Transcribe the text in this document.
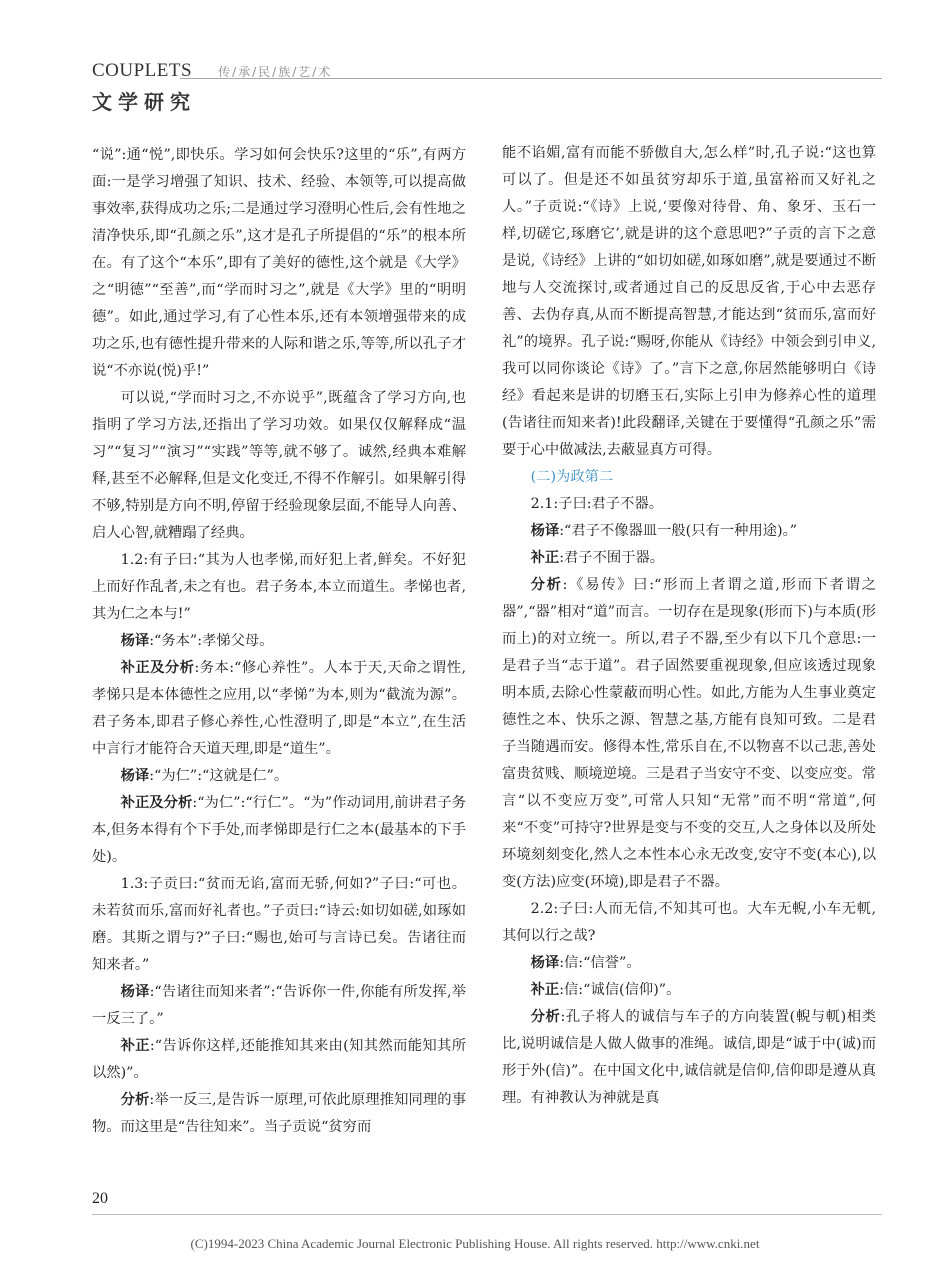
COUPLETS 传/承/民/族/艺/术
文学研究

“说”:通“悦”,即快乐。学习如何会快乐?这里的“乐”,有两方面:一是学习增强了知识、技术、经验、本领等,可以提高做事效率,获得成功之乐;二是通过学习澄明心性后,会有性地之清净快乐,即“孔颜之乐”,这才是孔子所提倡的“乐”的根本所在。有了这个“本乐”,即有了美好的德性,这个就是《大学》之“明德”“至善”,而“学而时习之”,就是《大学》里的“明明德”。如此,通过学习,有了心性本乐,还有本领增强带来的成功之乐,也有德性提升带来的人际和谐之乐,等等,所以孔子才说“不亦说(悦)乎!”

可以说,“学而时习之,不亦说乎”,既蕴含了学习方向,也指明了学习方法,还指出了学习功效。如果仅仅解释成“温习”“复习”“演习”“实践”等等,就不够了。诚然,经典本难解释,甚至不必解释,但是文化变迁,不得不作解引。如果解引得不够,特别是方向不明,停留于经验现象层面,不能导人向善、启人心智,就糟蹋了经典。

1.2:有子曰:“其为人也孝悌,而好犯上者,鲜矣。不好犯上而好作乱者,未之有也。君子务本,本立而道生。孝悌也者,其为仁之本与!”

杨译:“务本”:孝悌父母。

补正及分析:务本:“修心养性”。人本于天,天命之谓性,孝悌只是本体德性之应用,以“孝悌”为本,则为“截流为源”。君子务本,即君子修心养性,心性澄明了,即是“本立”,在生活中言行才能符合天道天理,即是“道生”。

杨译:“为仁”:“这就是仁”。

补正及分析:“为仁”:“行仁”。“为”作动词用,前讲君子务本,但务本得有个下手处,而孝悌即是行仁之本(最基本的下手处)。

1.3:子贡曰:“贫而无谄,富而无骄,何如?”子曰:“可也。未若贫而乐,富而好礼者也。”子贡曰:“诗云:如切如磋,如琢如磨。其斯之谓与?”子曰:“赐也,始可与言诗已矣。告诸往而知来者。”

杨译:“告诸往而知来者”:“告诉你一件,你能有所发挥,举一反三了。”

补正:“告诉你这样,还能推知其来由(知其然而能知其所以然)”。

分析:举一反三,是告诉一原理,可依此原理推知同理的事物。而这里是“告往知来”。当子贡说“贫穷而

能不谄媚,富有而能不骄傲自大,怎么样”时,孔子说:“这也算可以了。但是还不如虽贫穷却乐于道,虽富裕而又好礼之人。”子贡说:“《诗》上说,‘要像对待骨、角、象牙、玉石一样,切磋它,琢磨它’,就是讲的这个意思吧?”子贡的言下之意是说,《诗经》上讲的“如切如磋,如琢如磨”,就是要通过不断地与人交流探讨,或者通过自己的反思反省,于心中去恶存善、去伪存真,从而不断提高智慧,才能达到“贫而乐,富而好礼”的境界。孔子说:“赐呀,你能从《诗经》中领会到引申义,我可以同你谈论《诗》了。”言下之意,你居然能够明白《诗经》看起来是讲的切磨玉石,实际上引申为修养心性的道理(告诸往而知来者)!此段翻译,关键在于要懂得“孔颜之乐”需要于心中做减法,去蔽显真方可得。

(二)为政第二

2.1:子曰:君子不器。

杨译:“君子不像器皿一般(只有一种用途)。”

补正:君子不囿于器。

分析:《易传》曰:“形而上者谓之道,形而下者谓之器”,“器”相对“道”而言。一切存在是现象(形而下)与本质(形而上)的对立统一。所以,君子不器,至少有以下几个意思:一是君子当“志于道”。君子固然要重视现象,但应该透过现象明本质,去除心性蒙蔽而明心性。如此,方能为人生事业奠定德性之本、快乐之源、智慧之基,方能有良知可致。二是君子当随遇而安。修得本性,常乐自在,不以物喜不以己悲,善处富贵贫贱、顺境逆境。三是君子当安守不变、以变应变。常言“以不变应万变”,可常人只知“无常”而不明“常道”,何来“不变”可持守?世界是变与不变的交互,人之身体以及所处环境刻刻变化,然人之本性本心永无改变,安守不变(本心),以变(方法)应变(环境),即是君子不器。

2.2:子曰:人而无信,不知其可也。大车无輗,小车无軏,其何以行之哉?

杨译:信:“信誉”。

补正:信:“诚信(信仰)”。

分析:孔子将人的诚信与车子的方向装置(輗与軏)相类比,说明诚信是人做人做事的准绳。诚信,即是“诚于中(诚)而形于外(信)”。在中国文化中,诚信就是信仰,信仰即是遵从真理。有神教认为神就是真

20
(C)1994-2023 China Academic Journal Electronic Publishing House. All rights reserved. http://www.cnki.net
